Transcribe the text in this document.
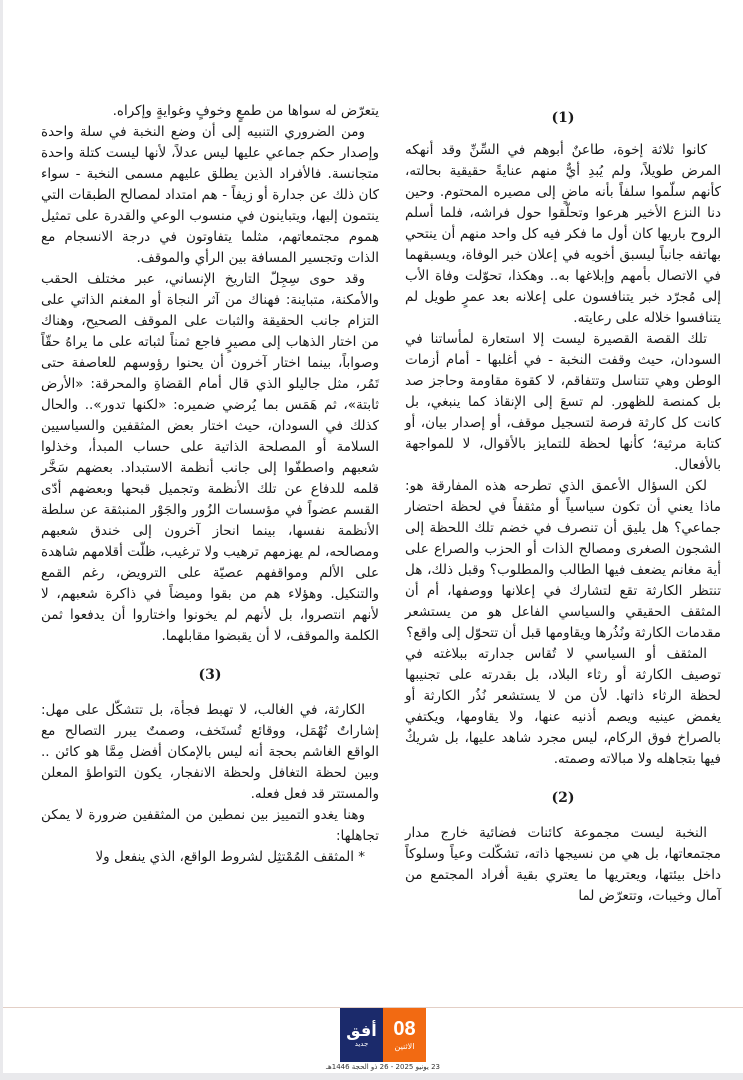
(1)

كانوا ثلاثة إخوة، طاعنٌ أبوهم في السِّنِّ وقد أنهكه المرض طويلاً، ولم يُبدِ أيٌّ منهم عنايةً حقيقية بحالته، كأنهم سلّموا سلفاً بأنه ماضٍ إلى مصيره المحتوم. وحين دنا النزع الأخير هرعوا وتحلّقوا حول فراشه، فلما أسلم الروح باريها كان أول ما فكر فيه كل واحد منهم أن ينتحي بهاتفه جانباً ليسبق أخويه في إعلان خبر الوفاة، ويسبقهما في الاتصال بأمهم وإبلاغها به.. وهكذا، تحوّلت وفاة الأب إلى مُجرّد خبر يتنافسون على إعلانه بعد عمرٍ طويل لم يتنافسوا خلاله على رعايته.

تلك القصة القصيرة ليست إلا استعارة لمأساتنا في السودان، حيث وقفت النخبة - في أغلبها - أمام أزمات الوطن وهي تتناسل وتتفاقم، لا كقوة مقاومة وحاجز صد بل كمنصة للظهور. لم تسعَ إلى الإنقاذ كما ينبغي، بل كانت كل كارثة فرصة لتسجيل موقف، أو إصدار بيان، أو كتابة مرثية؛ كأنها لحظة للتمايز بالأقوال، لا للمواجهة بالأفعال.

لكن السؤال الأعمق الذي تطرحه هذه المفارقة هو: ماذا يعني أن تكون سياسياً أو مثقفاً في لحظة احتضار جماعي؟ هل يليق أن تنصرف في خضم تلك اللحظة إلى الشجون الصغرى ومصالح الذات أو الحزب والصراع على أية مغانم يضعف فيها الطالب والمطلوب؟ وقبل ذلك، هل تنتظر الكارثة تقع لتشارك في إعلانها ووصفها، أم أن المثقف الحقيقي والسياسي الفاعل هو من يستشعر مقدمات الكارثة ونُذُرها ويقاومها قبل أن تتحوّل إلى واقع؟

المثقف أو السياسي لا تُقاس جدارته ببلاغته في توصيف الكارثة أو رثاء البلاد، بل بقدرته على تجنيبها لحظة الرثاء ذاتها. لأن من لا يستشعر نُذُر الكارثة أو يغمض عينيه ويصم أذنيه عنها، ولا يقاومها، ويكتفي بالصراخ فوق الركام، ليس مجرد شاهد عليها، بل شريكٌ فيها بتجاهله ولا مبالاته وصمته.

(2)

النخبة ليست مجموعة كائنات فضائية خارج مدار مجتمعاتها، بل هي من نسيجها ذاته، تشكّلت وعياً وسلوكاً داخل بيئتها، ويعتريها ما يعتري بقية أفراد المجتمع من آمال وخيبات، وتتعرّض لما

يتعرّض له سواها من طمعٍ وخوفٍ وغوايةٍ وإكراه.

ومن الضروري التنبيه إلى أن وضع النخبة في سلة واحدة وإصدار حكم جماعي عليها ليس عدلاً، لأنها ليست كتلة واحدة متجانسة. فالأفراد الذين يطلق عليهم مسمى النخبة - سواء كان ذلك عن جدارة أو زيفاً - هم امتداد لمصالح الطبقات التي ينتمون إليها، ويتباينون في منسوب الوعي والقدرة على تمثيل هموم مجتمعاتهم، مثلما يتفاوتون في درجة الانسجام مع الذات وتجسير المسافة بين الرأي والموقف.

وقد حوى سِجِلّ التاريخ الإنساني، عبر مختلف الحقب والأمكنة، متباينة: فهناك من آثر النجاة أو المغنم الذاتي على التزام جانب الحقيقة والثبات على الموقف الصحيح، وهناك من اختار الذهاب إلى مصيرٍ فاجع ثمناً لثباته على ما يراهُ حقّاً وصواباً، بينما اختار آخرون أن يحنوا رؤوسهم للعاصفة حتى تَمُر، مثل جاليلو الذي قال أمام القضاةِ والمحرقة: «الأرض ثابتة»، ثم هَمَس بما يُرضي ضميره: «لكنها تدور».. والحال كذلك في السودان، حيث اختار بعض المثقفين والسياسيين السلامة أو المصلحة الذاتية على حساب المبدأ، وخذلوا شعبهم واصطفّوا إلى جانب أنظمة الاستبداد. بعضهم سَخَّر قلمه للدفاع عن تلك الأنظمة وتجميل قبحها وبعضهم أدّى القسم عضواً في مؤسسات الزُور والجَوْر المنبثقة عن سلطة الأنظمة نفسها، بينما انحاز آخرون إلى خندق شعبهم ومصالحه، لم يهزمهم ترهيب ولا ترغيب، ظلّت أقلامهم شاهدة على الألم ومواقفهم عصيّة على الترويض، رغم القمع والتنكيل. وهؤلاء هم من بقوا وميضاً في ذاكرة شعبهم، لا لأنهم انتصروا، بل لأنهم لم يخونوا واختاروا أن يدفعوا ثمن الكلمة والموقف، لا أن يقبضوا مقابلهما.

(3)

الكارثة، في الغالب، لا تهبط فجأة، بل تتشكّل على مهل: إشاراتٌ تُهْمَل، ووقائع تُستَخف، وصمتٌ يبرر التصالح مع الواقع الغاشم بحجة أنه ليس بالإمكان أفضل مِمَّا هو كائن .. وبين لحظة التغافل ولحظة الانفجار، يكون التواطؤ المعلن والمستتر قد فعل فعله.

وهنا يغدو التمييز بين نمطين من المثقفين ضرورة لا يمكن تجاهلها:

* المثقف المُمْتثِل لشروط الواقع، الذي ينفعل ولا

أفق
جديد
08
الاثنين
23 يونيو 2025 - 26 ذو الحجة 1446هـ
